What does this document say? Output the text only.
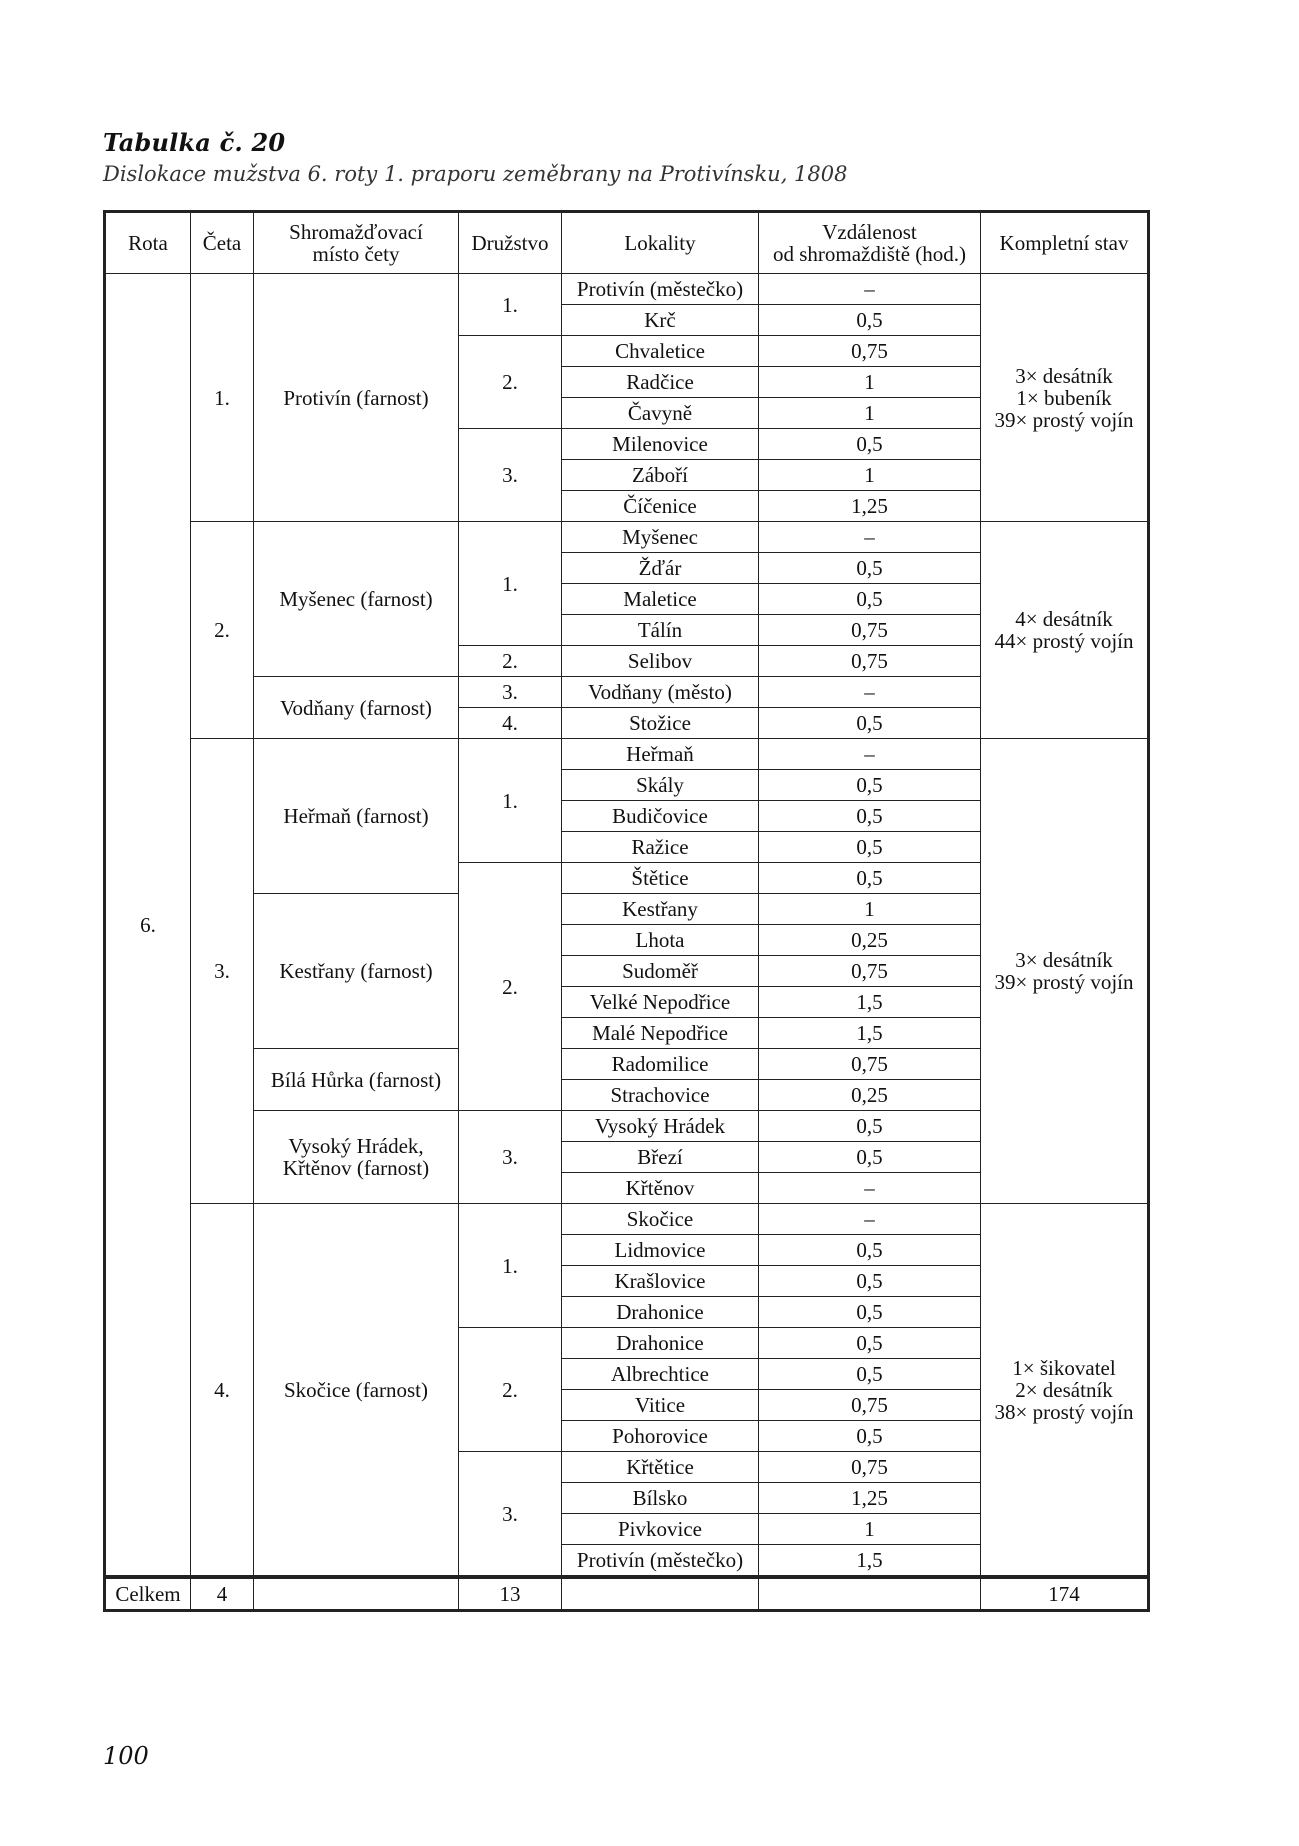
Tabulka č. 20
Dislokace mužstva 6. roty 1. praporu zeměbrany na Protivínsku, 1808
Rota	Četa	Shromažďovací
místo čety	Družstvo	Lokality	Vzdálenost
od shromaždiště (hod.)	Kompletní stav
6.	1.	Protivín (farnost)	1.	Protivín (městečko)	–	3× desátník
1× bubeník
39× prostý vojín
				Krč	0,5	
			2.	Chvaletice	0,75	
				Radčice	1	
				Čavyně	1	
			3.	Milenovice	0,5	
				Záboří	1	
				Číčenice	1,25	
	2.	Myšenec (farnost)	1.	Myšenec	–	4× desátník
44× prostý vojín
				Žďár	0,5	
				Maletice	0,5	
				Tálín	0,75	
			2.	Selibov	0,75	
		Vodňany (farnost)	3.	Vodňany (město)	–	
			4.	Stožice	0,5	
	3.	Heřmaň (farnost)	1.	Heřmaň	–	3× desátník
39× prostý vojín
				Skály	0,5	
				Budičovice	0,5	
				Ražice	0,5	
			2.	Štětice	0,5	
		Kestřany (farnost)		Kestřany	1	
				Lhota	0,25	
				Sudoměř	0,75	
				Velké Nepodřice	1,5	
				Malé Nepodřice	1,5	
		Bílá Hůrka (farnost)		Radomilice	0,75	
				Strachovice	0,25	
		Vysoký Hrádek,
Křtěnov (farnost)	3.	Vysoký Hrádek	0,5	
				Březí	0,5	
				Křtěnov	–	
	4.	Skočice (farnost)	1.	Skočice	–	1× šikovatel
2× desátník
38× prostý vojín
				Lidmovice	0,5	
				Krašlovice	0,5	
				Drahonice	0,5	
			2.	Drahonice	0,5	
				Albrechtice	0,5	
				Vitice	0,75	
				Pohorovice	0,5	
			3.	Křtětice	0,75	
				Bílsko	1,25	
				Pivkovice	1	
				Protivín (městečko)	1,5	
Celkem	4		13			174
100
